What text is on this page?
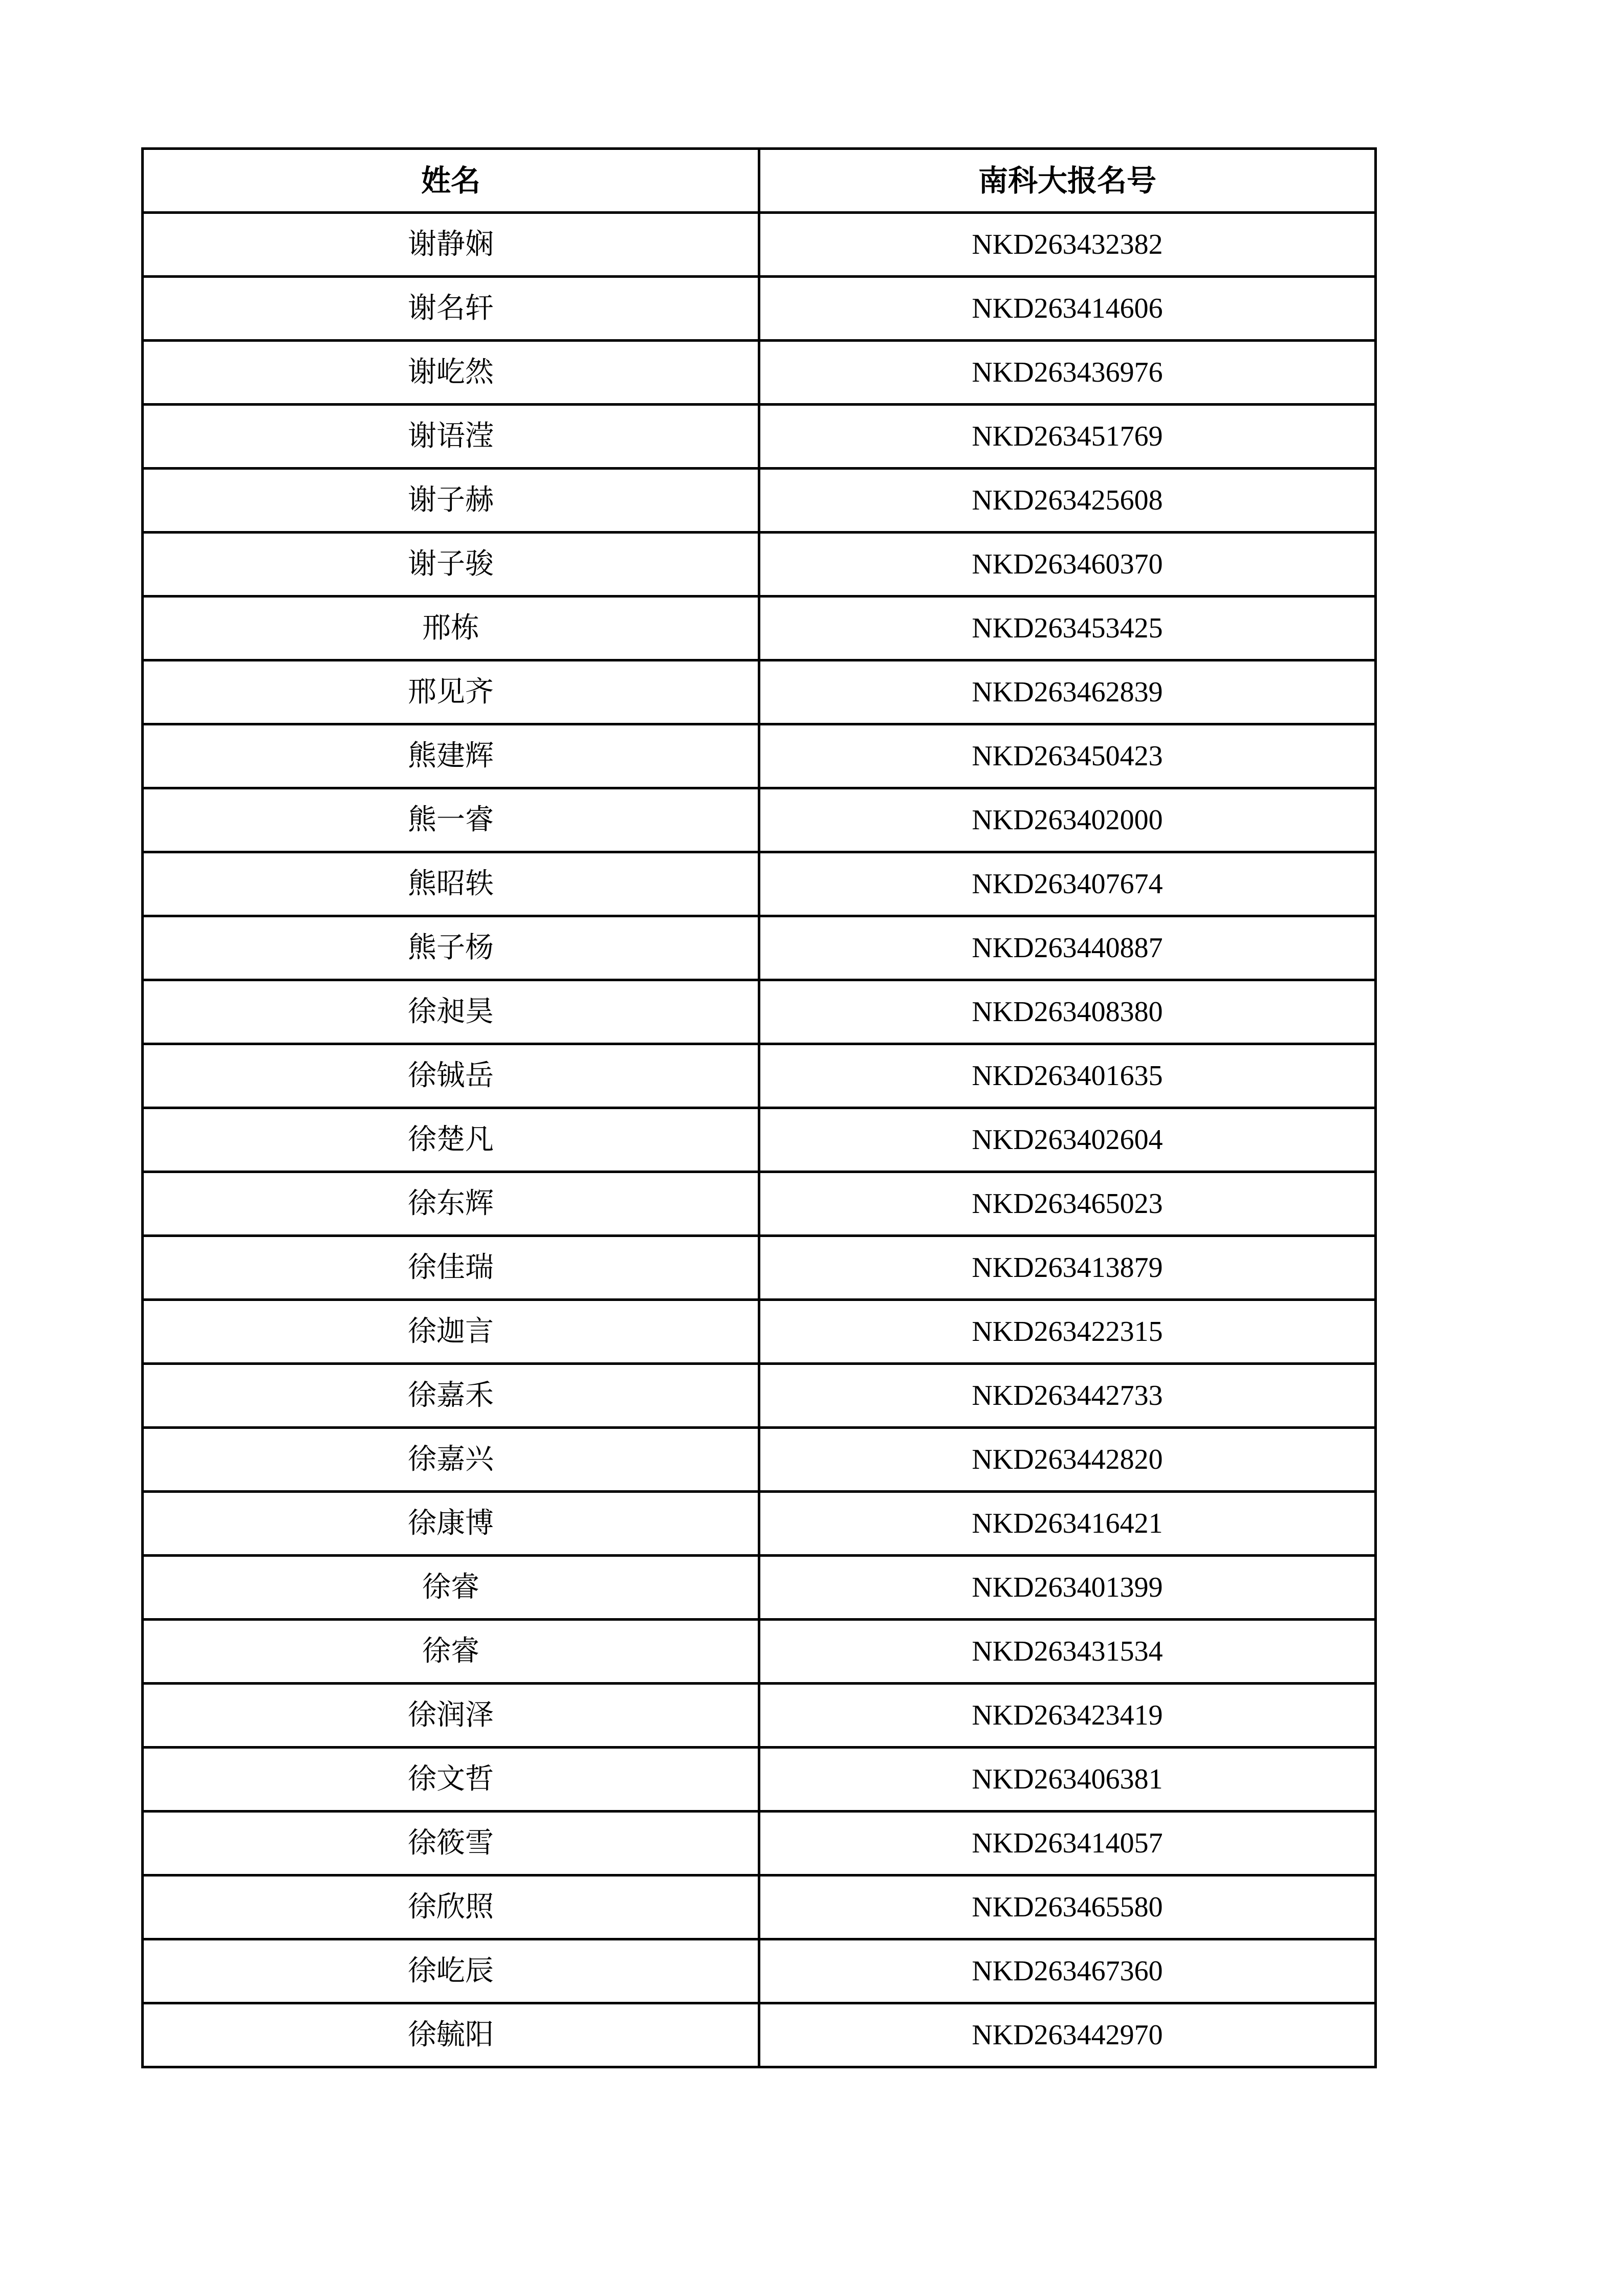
姓名	南科大报名号
谢静娴	NKD263432382
谢名轩	NKD263414606
谢屹然	NKD263436976
谢语滢	NKD263451769
谢子赫	NKD263425608
谢子骏	NKD263460370
邢栋	NKD263453425
邢见齐	NKD263462839
熊建辉	NKD263450423
熊一睿	NKD263402000
熊昭轶	NKD263407674
熊子杨	NKD263440887
徐昶昊	NKD263408380
徐铖岳	NKD263401635
徐楚凡	NKD263402604
徐东辉	NKD263465023
徐佳瑞	NKD263413879
徐迦言	NKD263422315
徐嘉禾	NKD263442733
徐嘉兴	NKD263442820
徐康博	NKD263416421
徐睿	NKD263401399
徐睿	NKD263431534
徐润泽	NKD263423419
徐文哲	NKD263406381
徐筱雪	NKD263414057
徐欣照	NKD263465580
徐屹辰	NKD263467360
徐毓阳	NKD263442970
